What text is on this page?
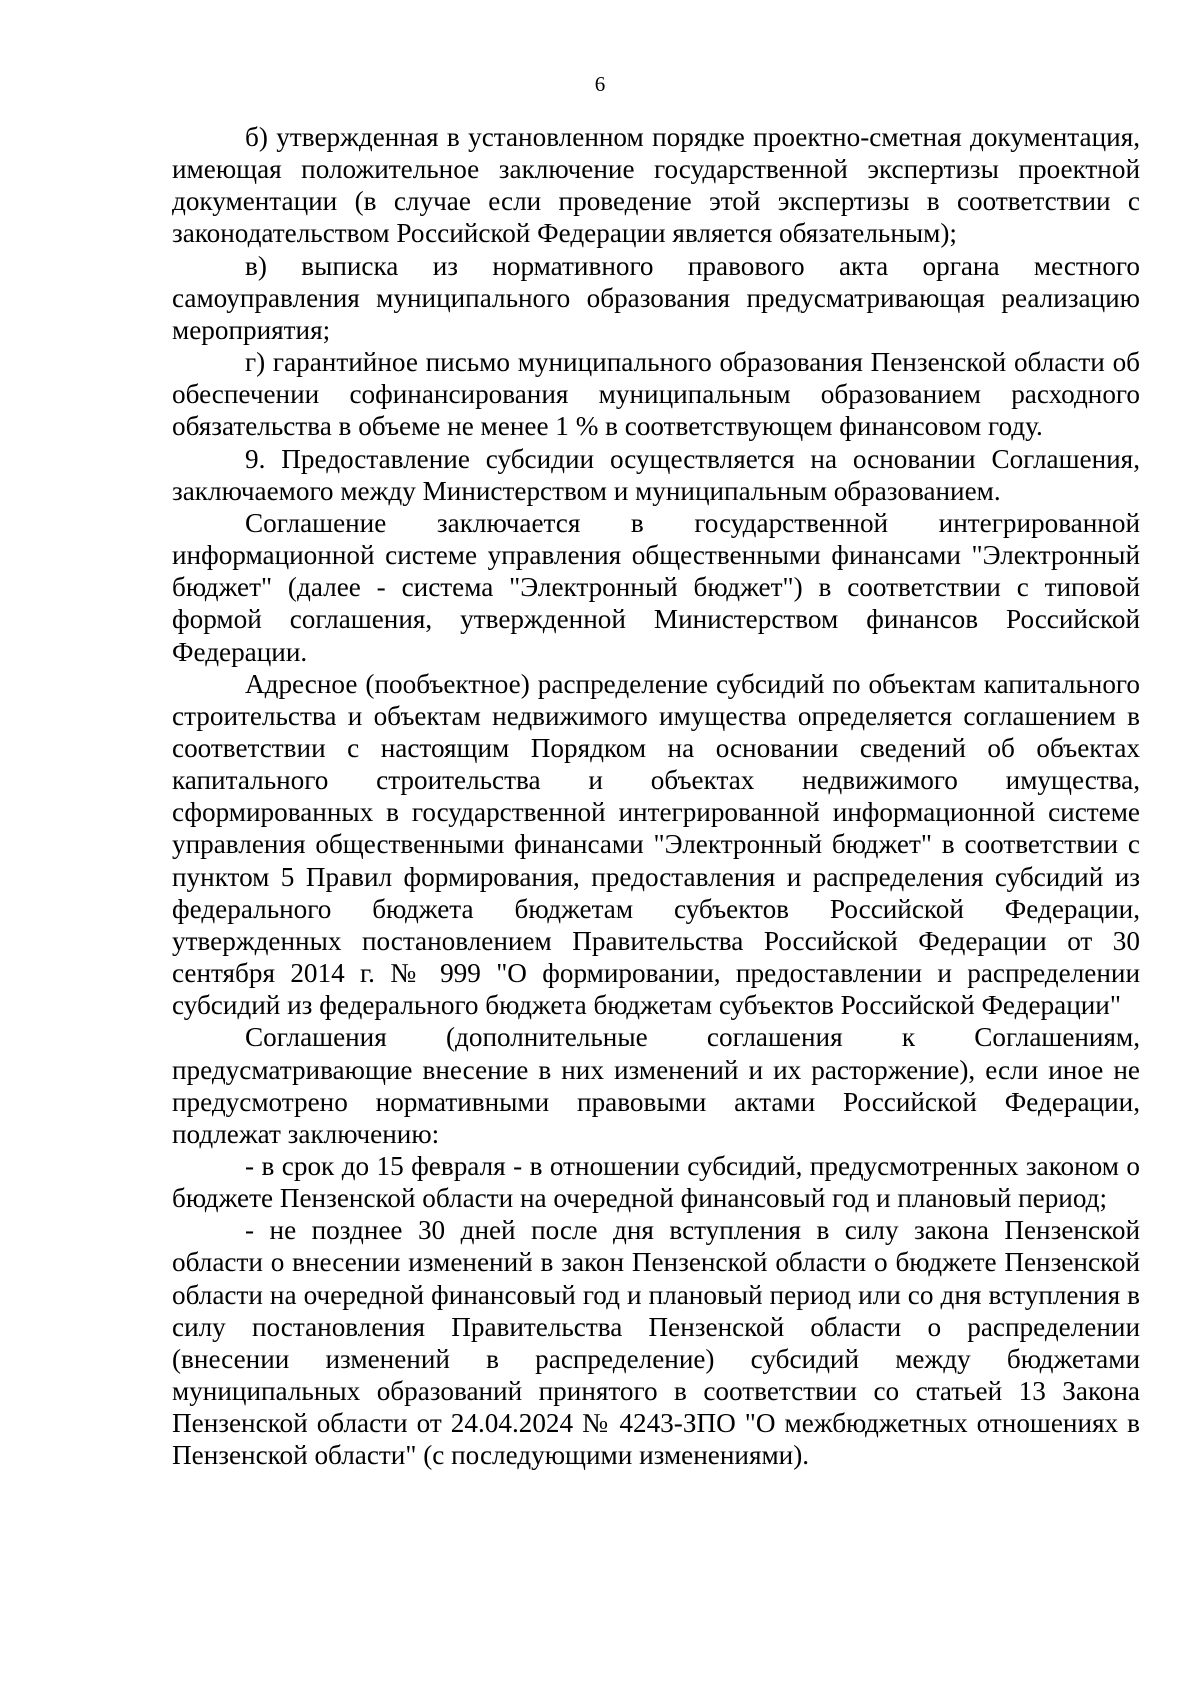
6

б) утвержденная в установленном порядке проектно-сметная документация, имеющая положительное заключение государственной экспертизы проектной документации (в случае если проведение этой экспертизы в соответствии с законодательством Российской Федерации является обязательным);

в) выписка из нормативного правового акта органа местного самоуправления муниципального образования предусматривающая реализацию мероприятия;

г) гарантийное письмо муниципального образования Пензенской области об обеспечении софинансирования муниципальным образованием расходного обязательства в объеме не менее 1 % в соответствующем финансовом году.

9. Предоставление субсидии осуществляется на основании Соглашения, заключаемого между Министерством и муниципальным образованием.

Соглашение заключается в государственной интегрированной информационной системе управления общественными финансами "Электронный бюджет" (далее - система "Электронный бюджет") в соответствии с типовой формой соглашения, утвержденной Министерством финансов Российской Федерации.

Адресное (пообъектное) распределение субсидий по объектам капитального строительства и объектам недвижимого имущества определяется соглашением в соответствии с настоящим Порядком на основании сведений об объектах капитального строительства и объектах недвижимого имущества, сформированных в государственной интегрированной информационной системе управления общественными финансами "Электронный бюджет" в соответствии с пунктом 5 Правил формирования, предоставления и распределения субсидий из федерального бюджета бюджетам субъектов Российской Федерации, утвержденных постановлением Правительства Российской Федерации от 30 сентября 2014 г. № 999 "О формировании, предоставлении и распределении субсидий из федерального бюджета бюджетам субъектов Российской Федерации"

Соглашения (дополнительные соглашения к Соглашениям, предусматривающие внесение в них изменений и их расторжение), если иное не предусмотрено нормативными правовыми актами Российской Федерации, подлежат заключению:

- в срок до 15 февраля - в отношении субсидий, предусмотренных законом о бюджете Пензенской области на очередной финансовый год и плановый период;

- не позднее 30 дней после дня вступления в силу закона Пензенской области о внесении изменений в закон Пензенской области о бюджете Пензенской области на очередной финансовый год и плановый период или со дня вступления в силу постановления Правительства Пензенской области о распределении (внесении изменений в распределение) субсидий между бюджетами муниципальных образований принятого в соответствии со статьей 13 Закона Пензенской области от 24.04.2024 № 4243-ЗПО "О межбюджетных отношениях в Пензенской области" (с последующими изменениями).
